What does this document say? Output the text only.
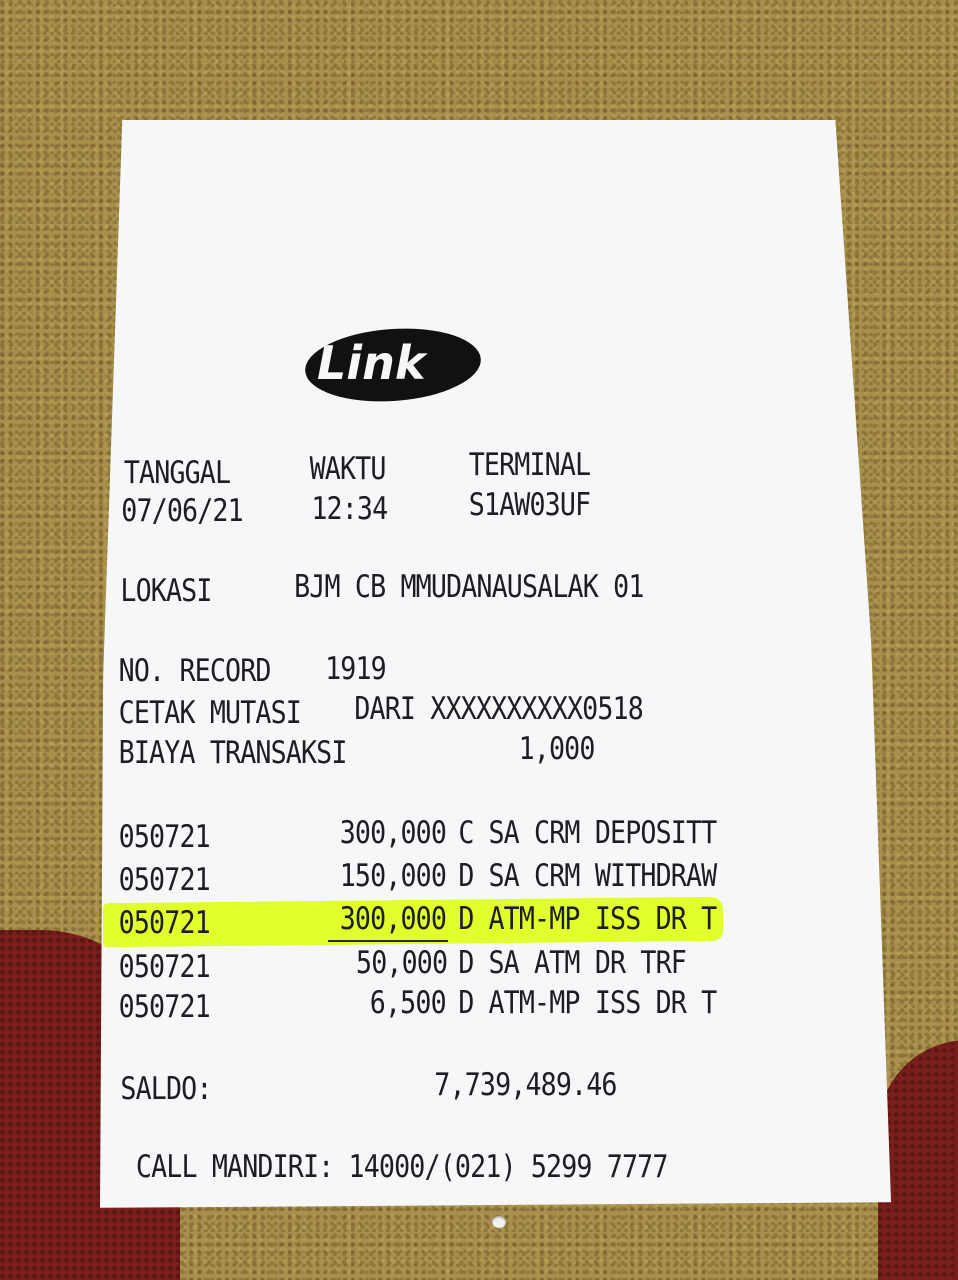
Link
TANGGAL
07/06/21
WAKTU
12:34
TERMINAL
S1AW03UF
LOKASI	BJM CB MMUDANAUSALAK 01
NO. RECORD 1919
CETAK MUTASI DARI XXXXXXXXXX0518
BIAYA TRANSAKSI	1,000
050721	300,000 C SA CRM DEPOSITT
050721	150,000 D SA CRM WITHDRAW
050721	300,000 D ATM-MP ISS DR T
050721	50,000 D SA ATM DR TRF
050721	6,500 D ATM-MP ISS DR T
SALDO:	7,739,489.46
CALL MANDIRI: 14000/(021) 5299 7777
